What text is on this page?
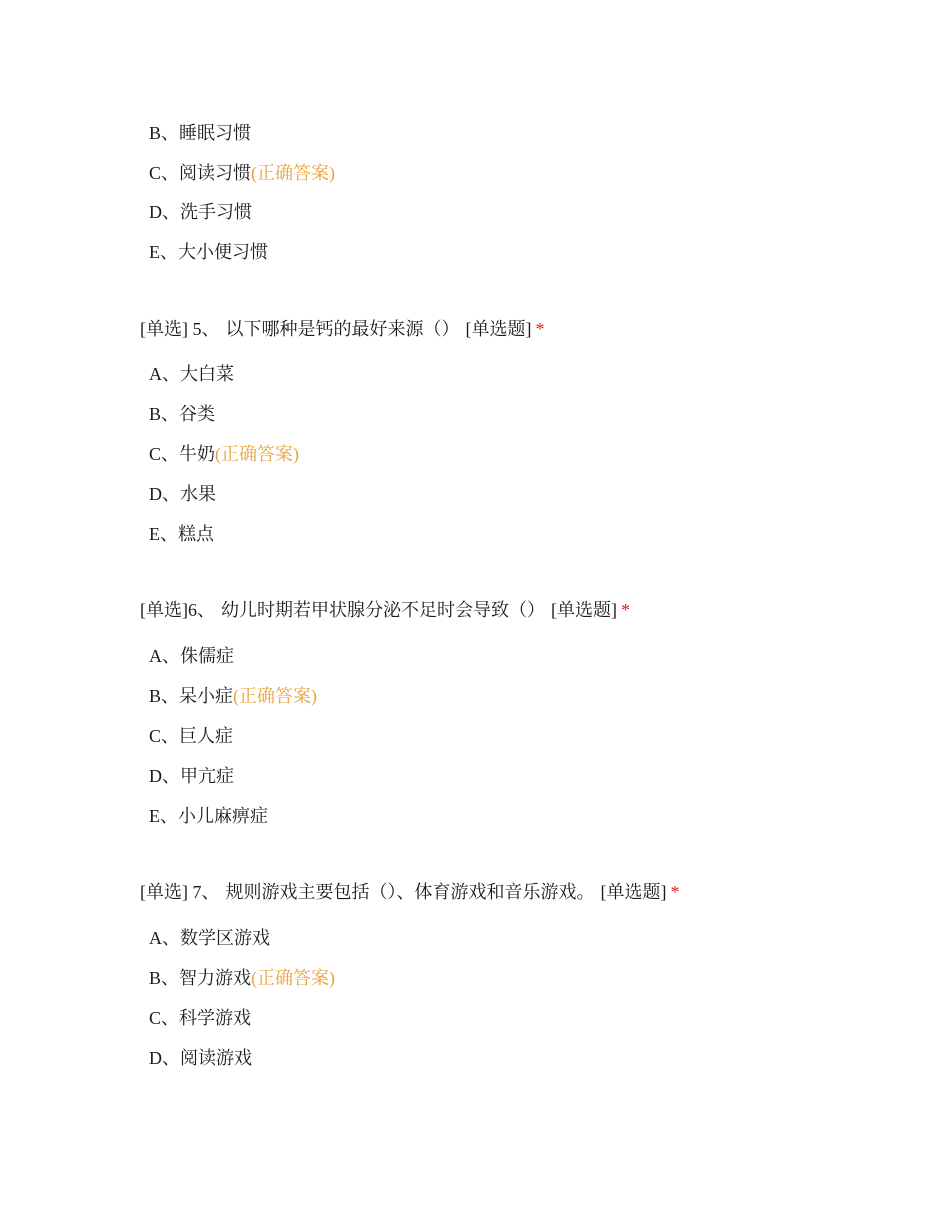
B、睡眠习惯
C、阅读习惯(正确答案)
D、洗手习惯
E、大小便习惯
[单选] 5、 以下哪种是钙的最好来源（） [单选题] *
A、大白菜
B、谷类
C、牛奶(正确答案)
D、水果
E、糕点
[单选]6、 幼儿时期若甲状腺分泌不足时会导致（） [单选题] *
A、侏儒症
B、呆小症(正确答案)
C、巨人症
D、甲亢症
E、小儿麻痹症
[单选] 7、 规则游戏主要包括（）、体育游戏和音乐游戏。 [单选题] *
A、数学区游戏
B、智力游戏(正确答案)
C、科学游戏
D、阅读游戏
